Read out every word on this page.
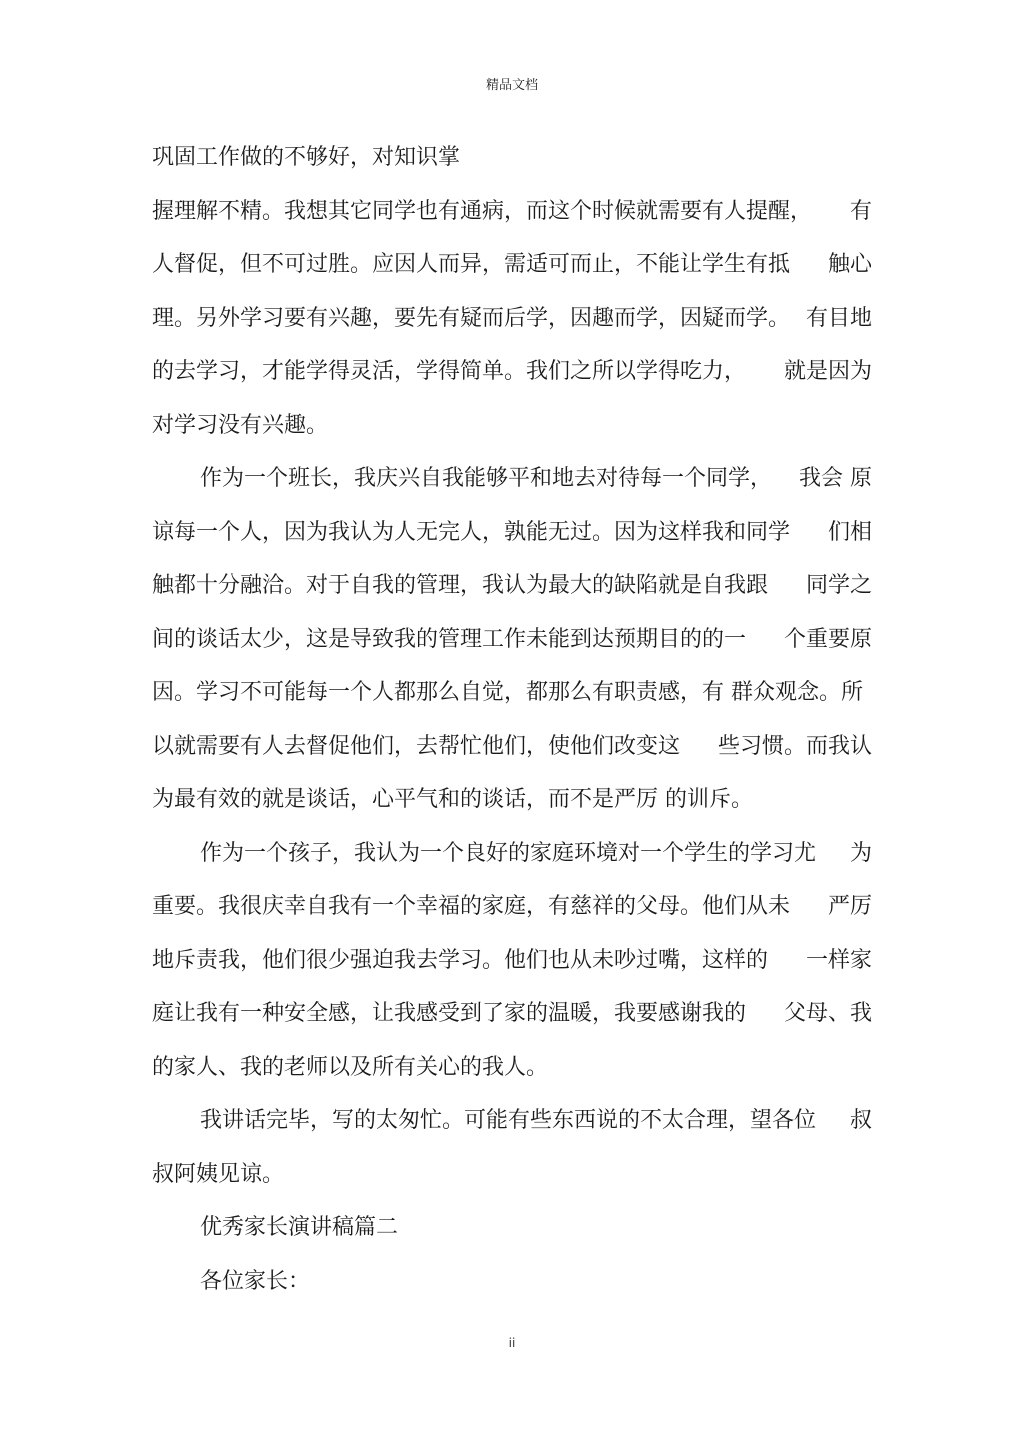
精品文档
巩固工作做的不够好， 对知识掌
握理解不精。我想其它同学也有通病，而这个时候就需要有人提醒， 有
人督促，但不可过胜。应因人而异，需适可而止，不能让学生有抵 触心
理。另外学习要有兴趣，要先有疑而后学，因趣而学，因疑而学。 有目地
的去学习，才能学得灵活，学得简单。我们之所以学得吃力， 就是因为
对学习没有兴趣。
作为一个班长，我庆兴自我能够平和地去对待每一个同学， 我会 原
谅每一个人，因为我认为人无完人，孰能无过。因为这样我和同学 们相
触都十分融洽。对于自我的管理，我认为最大的缺陷就是自我跟 同学之
间的谈话太少，这是导致我的管理工作未能到达预期目的的一 个重要原
因。学习不可能每一个人都那么自觉，都那么有职责感，有 群众观念。所
以就需要有人去督促他们，去帮忙他们，使他们改变这 些习惯。而我认
为最有效的就是谈话，心平气和的谈话，而不是严厉 的训斥。
作为一个孩子，我认为一个良好的家庭环境对一个学生的学习尤 为
重要。我很庆幸自我有一个幸福的家庭，有慈祥的父母。他们从未 严厉
地斥责我，他们很少强迫我去学习。他们也从未吵过嘴，这样的 一样家
庭让我有一种安全感，让我感受到了家的温暖，我要感谢我的 父母、我
的家人、我的老师以及所有关心的我人。
我讲话完毕，写的太匆忙。可能有些东西说的不太合理，望各位 叔
叔阿姨见谅。
优秀家长演讲稿篇二
各位家长：
ii
